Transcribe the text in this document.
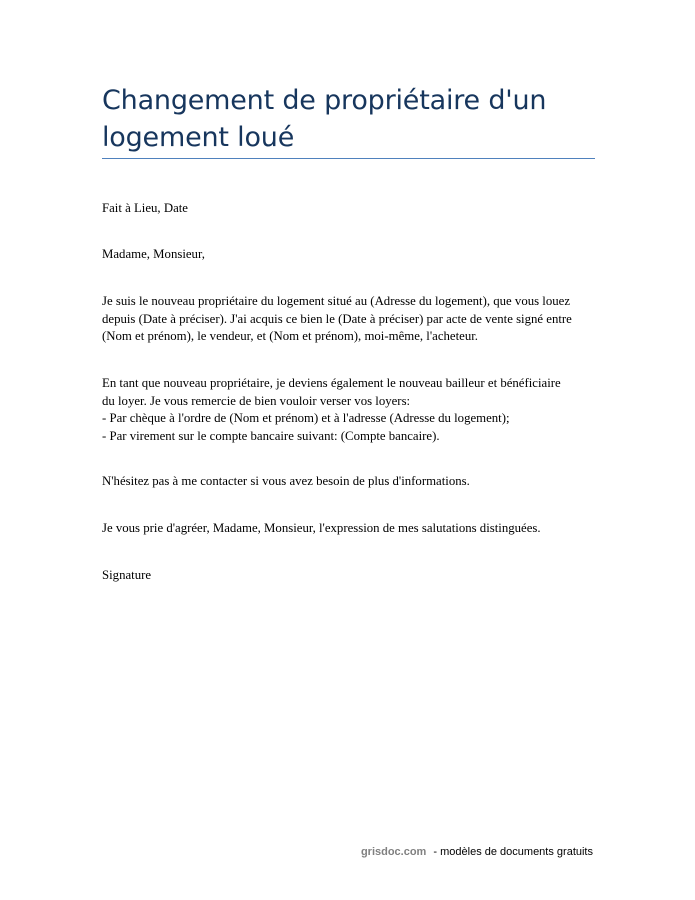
Changement de propriétaire d'un
logement loué

Fait à Lieu, Date

Madame, Monsieur,

Je suis le nouveau propriétaire du logement situé au (Adresse du logement), que vous louez
depuis (Date à préciser). J'ai acquis ce bien le (Date à préciser) par acte de vente signé entre
(Nom et prénom), le vendeur, et (Nom et prénom), moi-même, l'acheteur.

En tant que nouveau propriétaire, je deviens également le nouveau bailleur et bénéficiaire
du loyer. Je vous remercie de bien vouloir verser vos loyers:
- Par chèque à l'ordre de (Nom et prénom) et à l'adresse (Adresse du logement);
- Par virement sur le compte bancaire suivant: (Compte bancaire).

N'hésitez pas à me contacter si vous avez besoin de plus d'informations.

Je vous prie d'agréer, Madame, Monsieur, l'expression de mes salutations distinguées.

Signature

grisdoc.com - modèles de documents gratuits
